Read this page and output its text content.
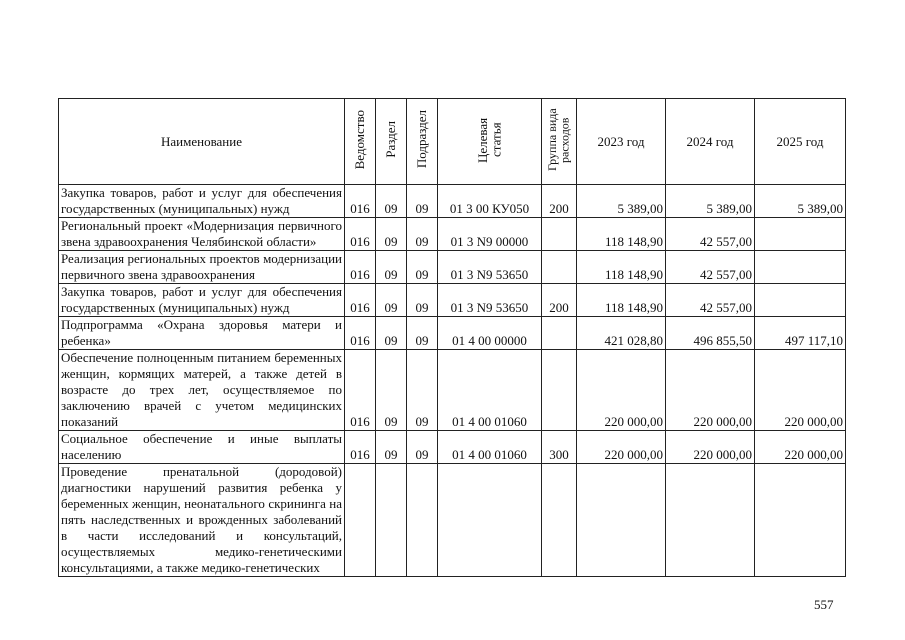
Наименование	Ведомство	Раздел	Подраздел	Целевая статья	Группа вида расходов	2023 год	2024 год	2025 год

Закупка товаров, работ и услуг для обеспечения государственных (муниципальных) нужд	016	09	09	01 3 00 КУ050	200	5 389,00	5 389,00	5 389,00

Региональный проект «Модернизация первичного звена здравоохранения Челябинской области»	016	09	09	01 3 N9 00000		118 148,90	42 557,00	

Реализация региональных проектов модернизации первичного звена здравоохранения	016	09	09	01 3 N9 53650		118 148,90	42 557,00	

Закупка товаров, работ и услуг для обеспечения государственных (муниципальных) нужд	016	09	09	01 3 N9 53650	200	118 148,90	42 557,00	

Подпрограмма «Охрана здоровья матери и ребенка»	016	09	09	01 4 00 00000		421 028,80	496 855,50	497 117,10

Обеспечение полноценным питанием беременных женщин, кормящих матерей, а также детей в возрасте до трех лет, осуществляемое по заключению врачей с учетом медицинских показаний	016	09	09	01 4 00 01060		220 000,00	220 000,00	220 000,00

Социальное обеспечение и иные выплаты населению	016	09	09	01 4 00 01060	300	220 000,00	220 000,00	220 000,00

Проведение пренатальной (дородовой) диагностики нарушений развития ребенка у беременных женщин, неонатального скрининга на пять наследственных и врожденных заболеваний в части исследований и консультаций, осуществляемых медико-генетическими консультациями, а также медико-генетических								

557
